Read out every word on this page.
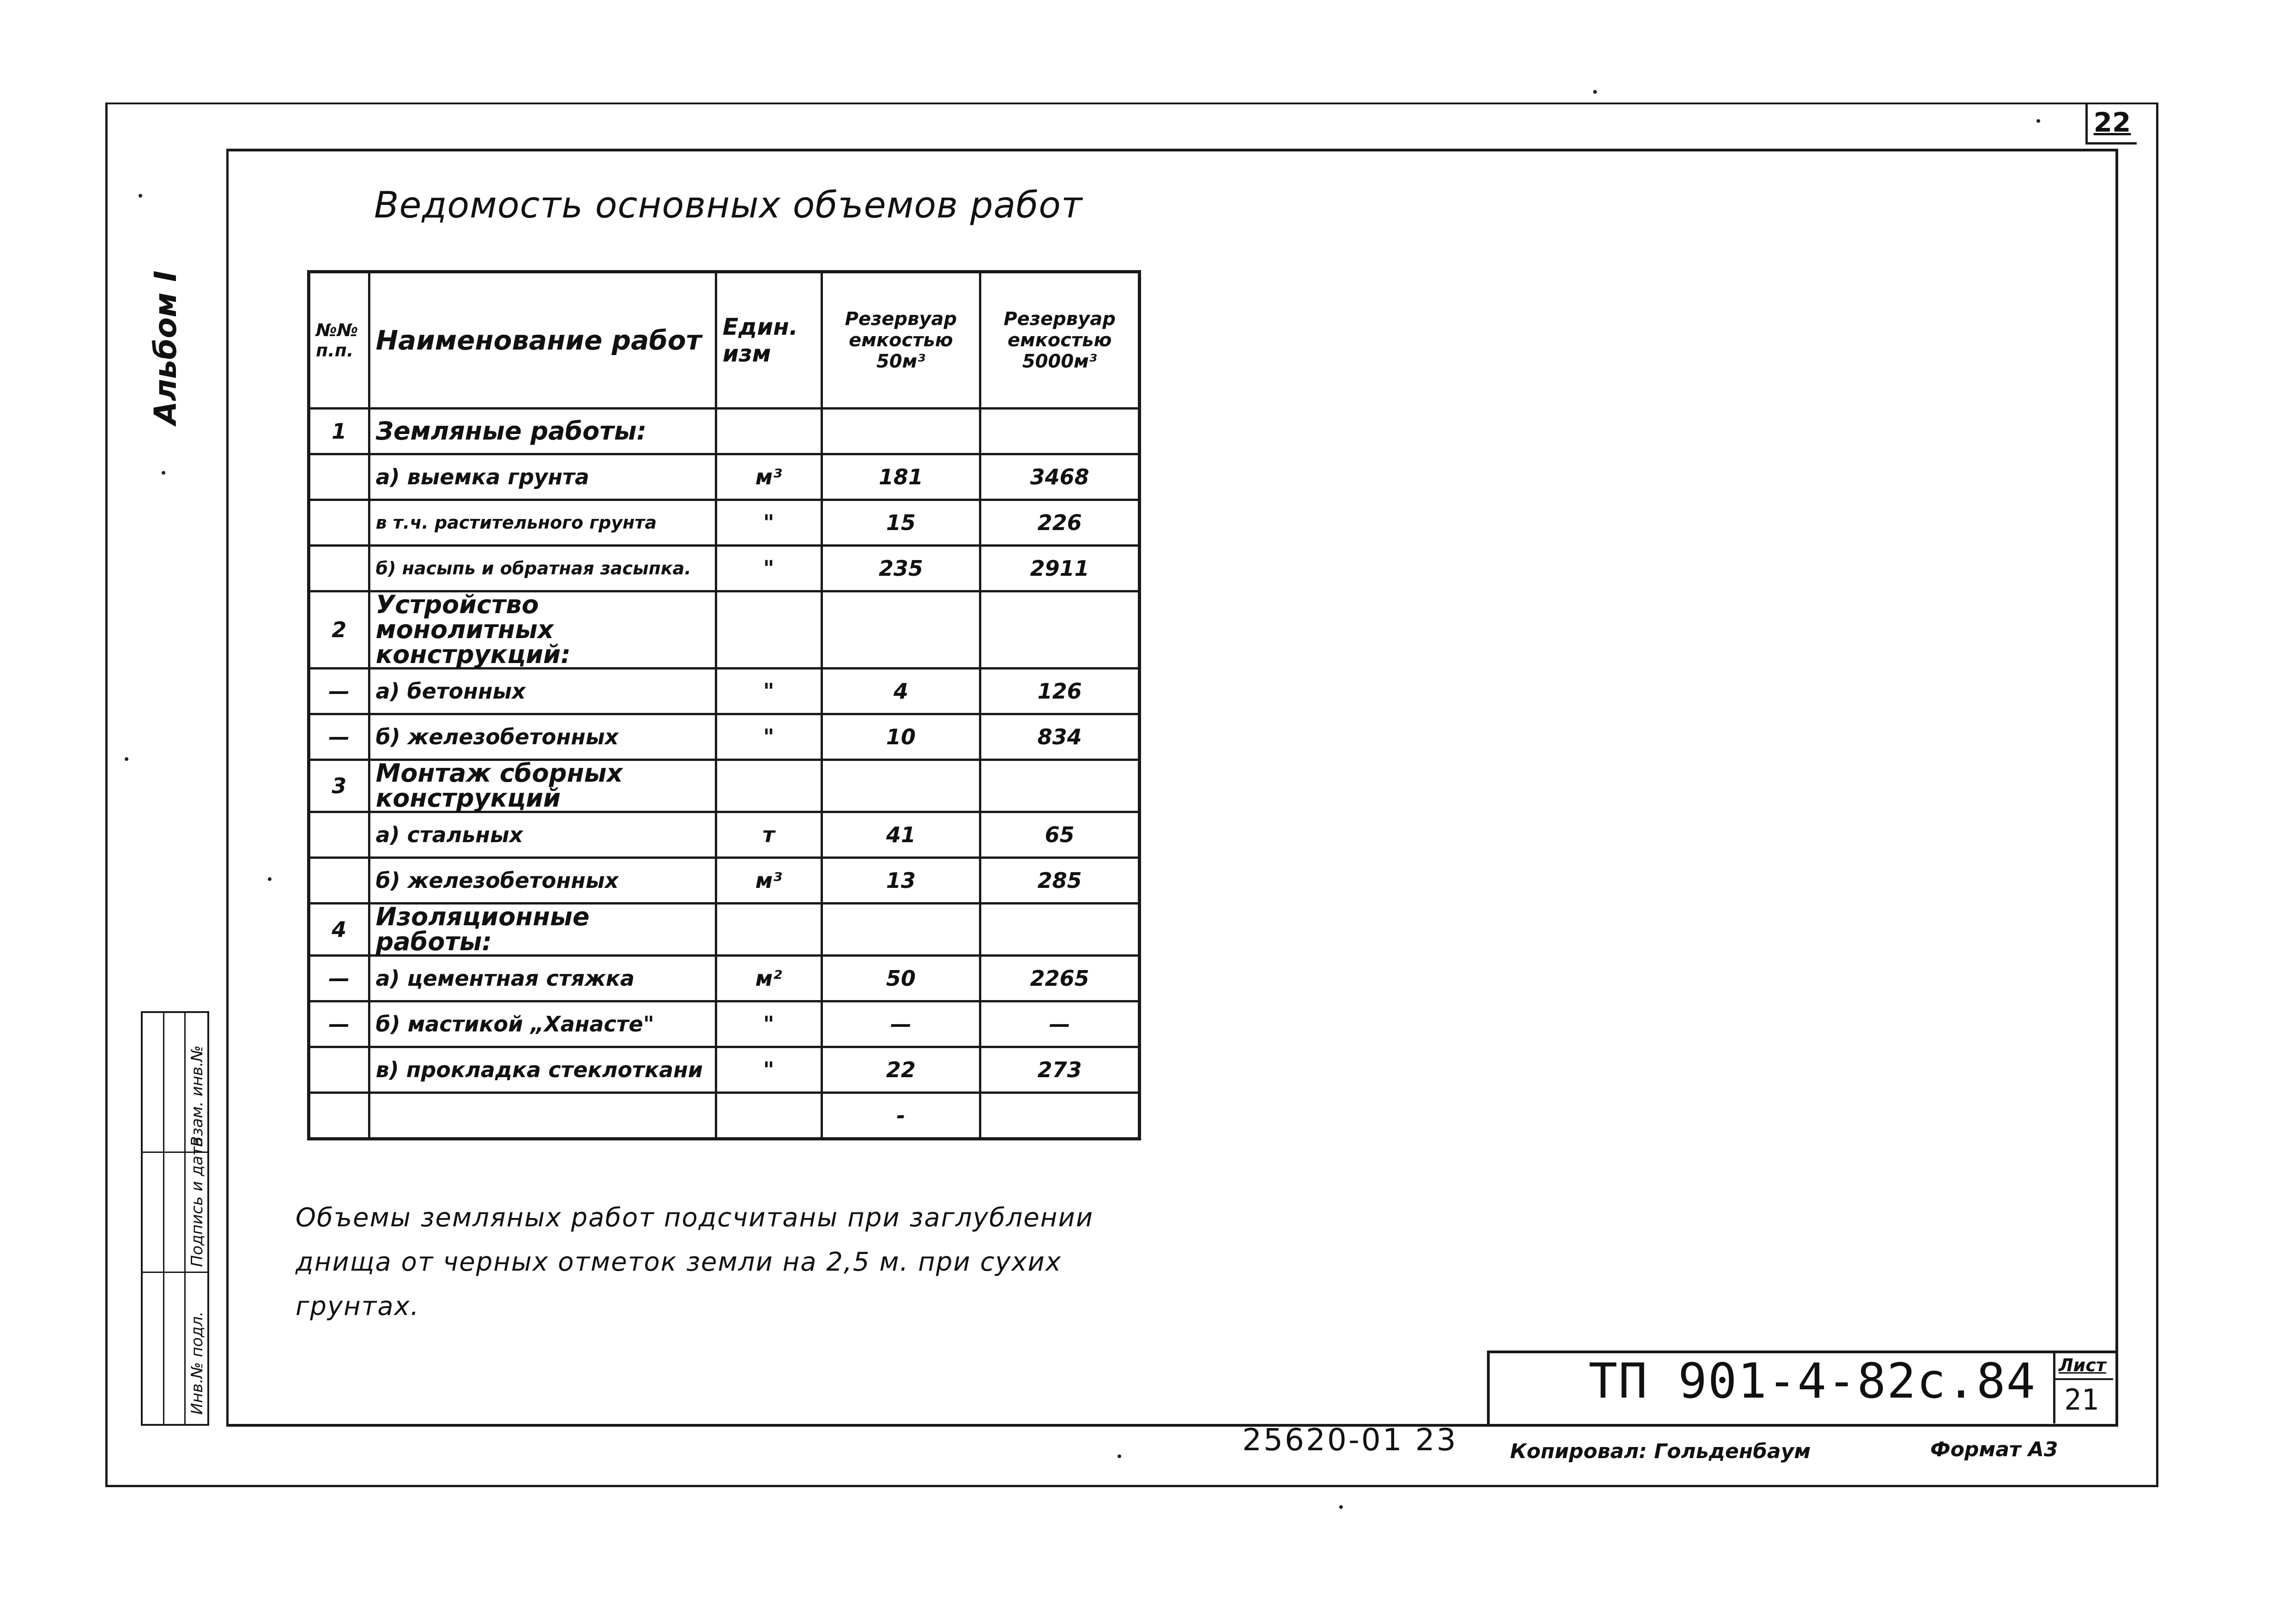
22
Альбом I
Инв.№ подл.
Подпись и дата
Взам. инв.№
Ведомость основных объемов работ
№№ п.п.	Наименование работ	Един. изм	Резервуар емкостью 50м³	Резервуар емкостью 5000м³
1	Земляные работы:			
	а) выемка грунта	м³	181	3468
	в т.ч. растительного грунта	"	15	226
	б) насыпь и обратная засыпка.	"	235	2911
2	Устройство монолитных конструкций:			
—	а) бетонных	"	4	126
—	б) железобетонных	"	10	834
3	Монтаж сборных конструкций			
	а) стальных	т	41	65
	б) железобетонных	м³	13	285
4	Изоляционные работы:			
—	а) цементная стяжка	м²	50	2265
—	б) мастикой „Ханасте"	"	—	—
	в) прокладка стеклоткани	"	22	273
			-	
Объемы земляных работ подсчитаны при заглублении
днища от черных отметок земли на 2,5 м. при сухих
грунтах.
ТП 901-4-82с.84 Лист
21
25620-01 23	Копировал: Гольденбаум	Формат А3
